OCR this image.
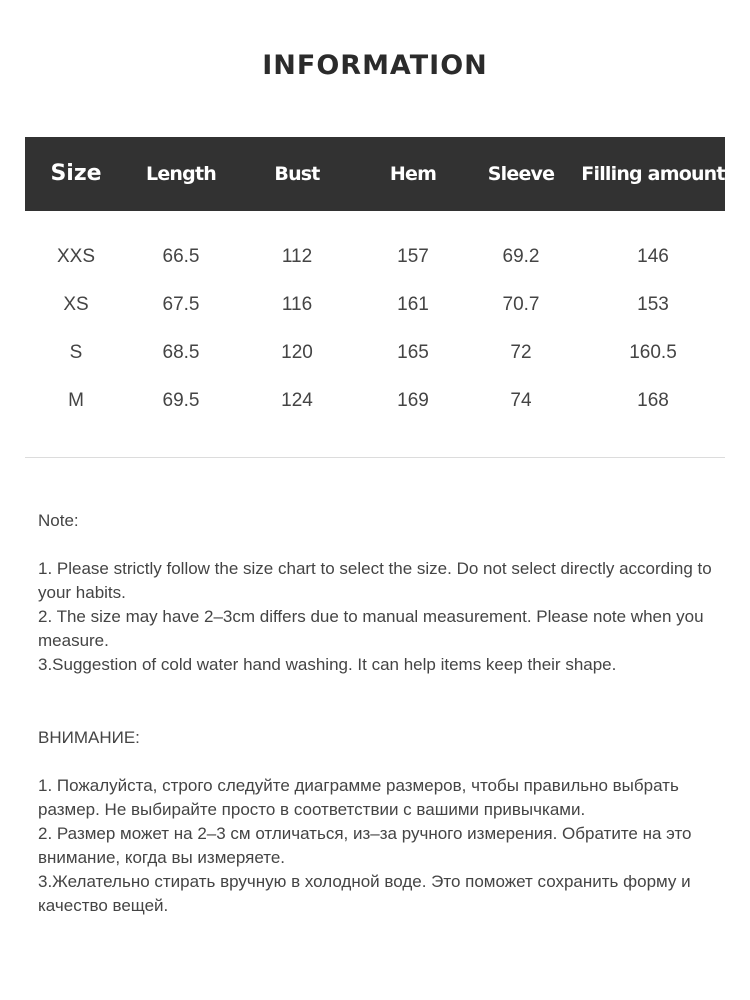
INFORMATION
Size	Length	Bust	Hem	Sleeve	Filling amount
XXS	66.5	112	157	69.2	146
XS	67.5	116	161	70.7	153
S	68.5	120	165	72	160.5
M	69.5	124	169	74	168

Note:

1. Please strictly follow the size chart to select the size. Do not select directly according to your habits.

2. The size may have 2–3cm differs due to manual measurement. Please note when you measure.

3.Suggestion of cold water hand washing. It can help items keep their shape.

ВНИМАНИЕ:

1. Пожалуйста, строго следуйте диаграмме размеров, чтобы правильно выбрать размер. Не выбирайте просто в соответствии с вашими привычками.

2. Размер может на 2–3 см отличаться, из–за ручного измерения. Обратите на это внимание, когда вы измеряете.

3.Желательно стирать вручную в холодной воде. Это поможет сохранить форму и качество вещей.
